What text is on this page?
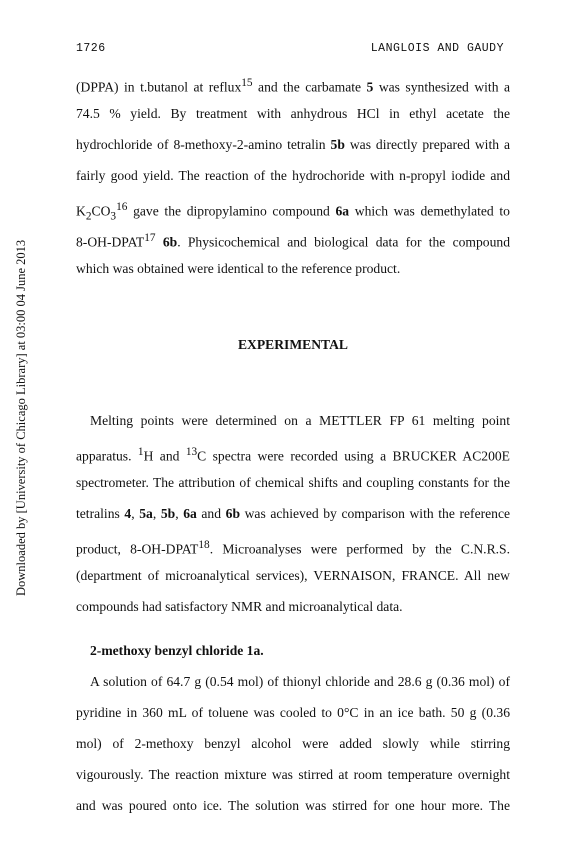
1726	LANGLOIS AND GAUDY
Downloaded by [University of Chicago Library] at 03:00 04 June 2013
(DPPA) in t.butanol at reflux$^{15}$ and the carbamate 5 was synthesized with a
74.5 % yield. By treatment with anhydrous HCl in ethyl acetate the
hydrochloride of 8-methoxy-2-amino tetralin 5b was directly prepared with a
fairly good yield. The reaction of the hydrochoride with n-propyl iodide and
$K_2CO_3^{16}$ gave the dipropylamino compound 6a which was demethylated to
8-OH-DPAT$^{17}$ 6b. Physicochemical and biological data for the compound
which was obtained were identical to the reference product.
EXPERIMENTAL
Melting points were determined on a METTLER FP 61 melting point
apparatus. $^1$H and $^{13}$C spectra were recorded using a BRUCKER AC200E
spectrometer. The attribution of chemical shifts and coupling constants for the
tetralins 4, 5a, 5b, 6a and 6b was achieved by comparison with the reference
product, 8-OH-DPAT$^{18}$. Microanalyses were performed by the C.N.R.S.
(department of microanalytical services), VERNAISON, FRANCE. All new
compounds had satisfactory NMR and microanalytical data.
2-methoxy benzyl chloride 1a.
A solution of 64.7 g (0.54 mol) of thionyl chloride and 28.6 g (0.36 mol) of
pyridine in 360 mL of toluene was cooled to 0°C in an ice bath. 50 g (0.36
mol) of 2-methoxy benzyl alcohol were added slowly while stirring
vigourously. The reaction mixture was stirred at room temperature overnight
and was poured onto ice. The solution was stirred for one hour more. The
